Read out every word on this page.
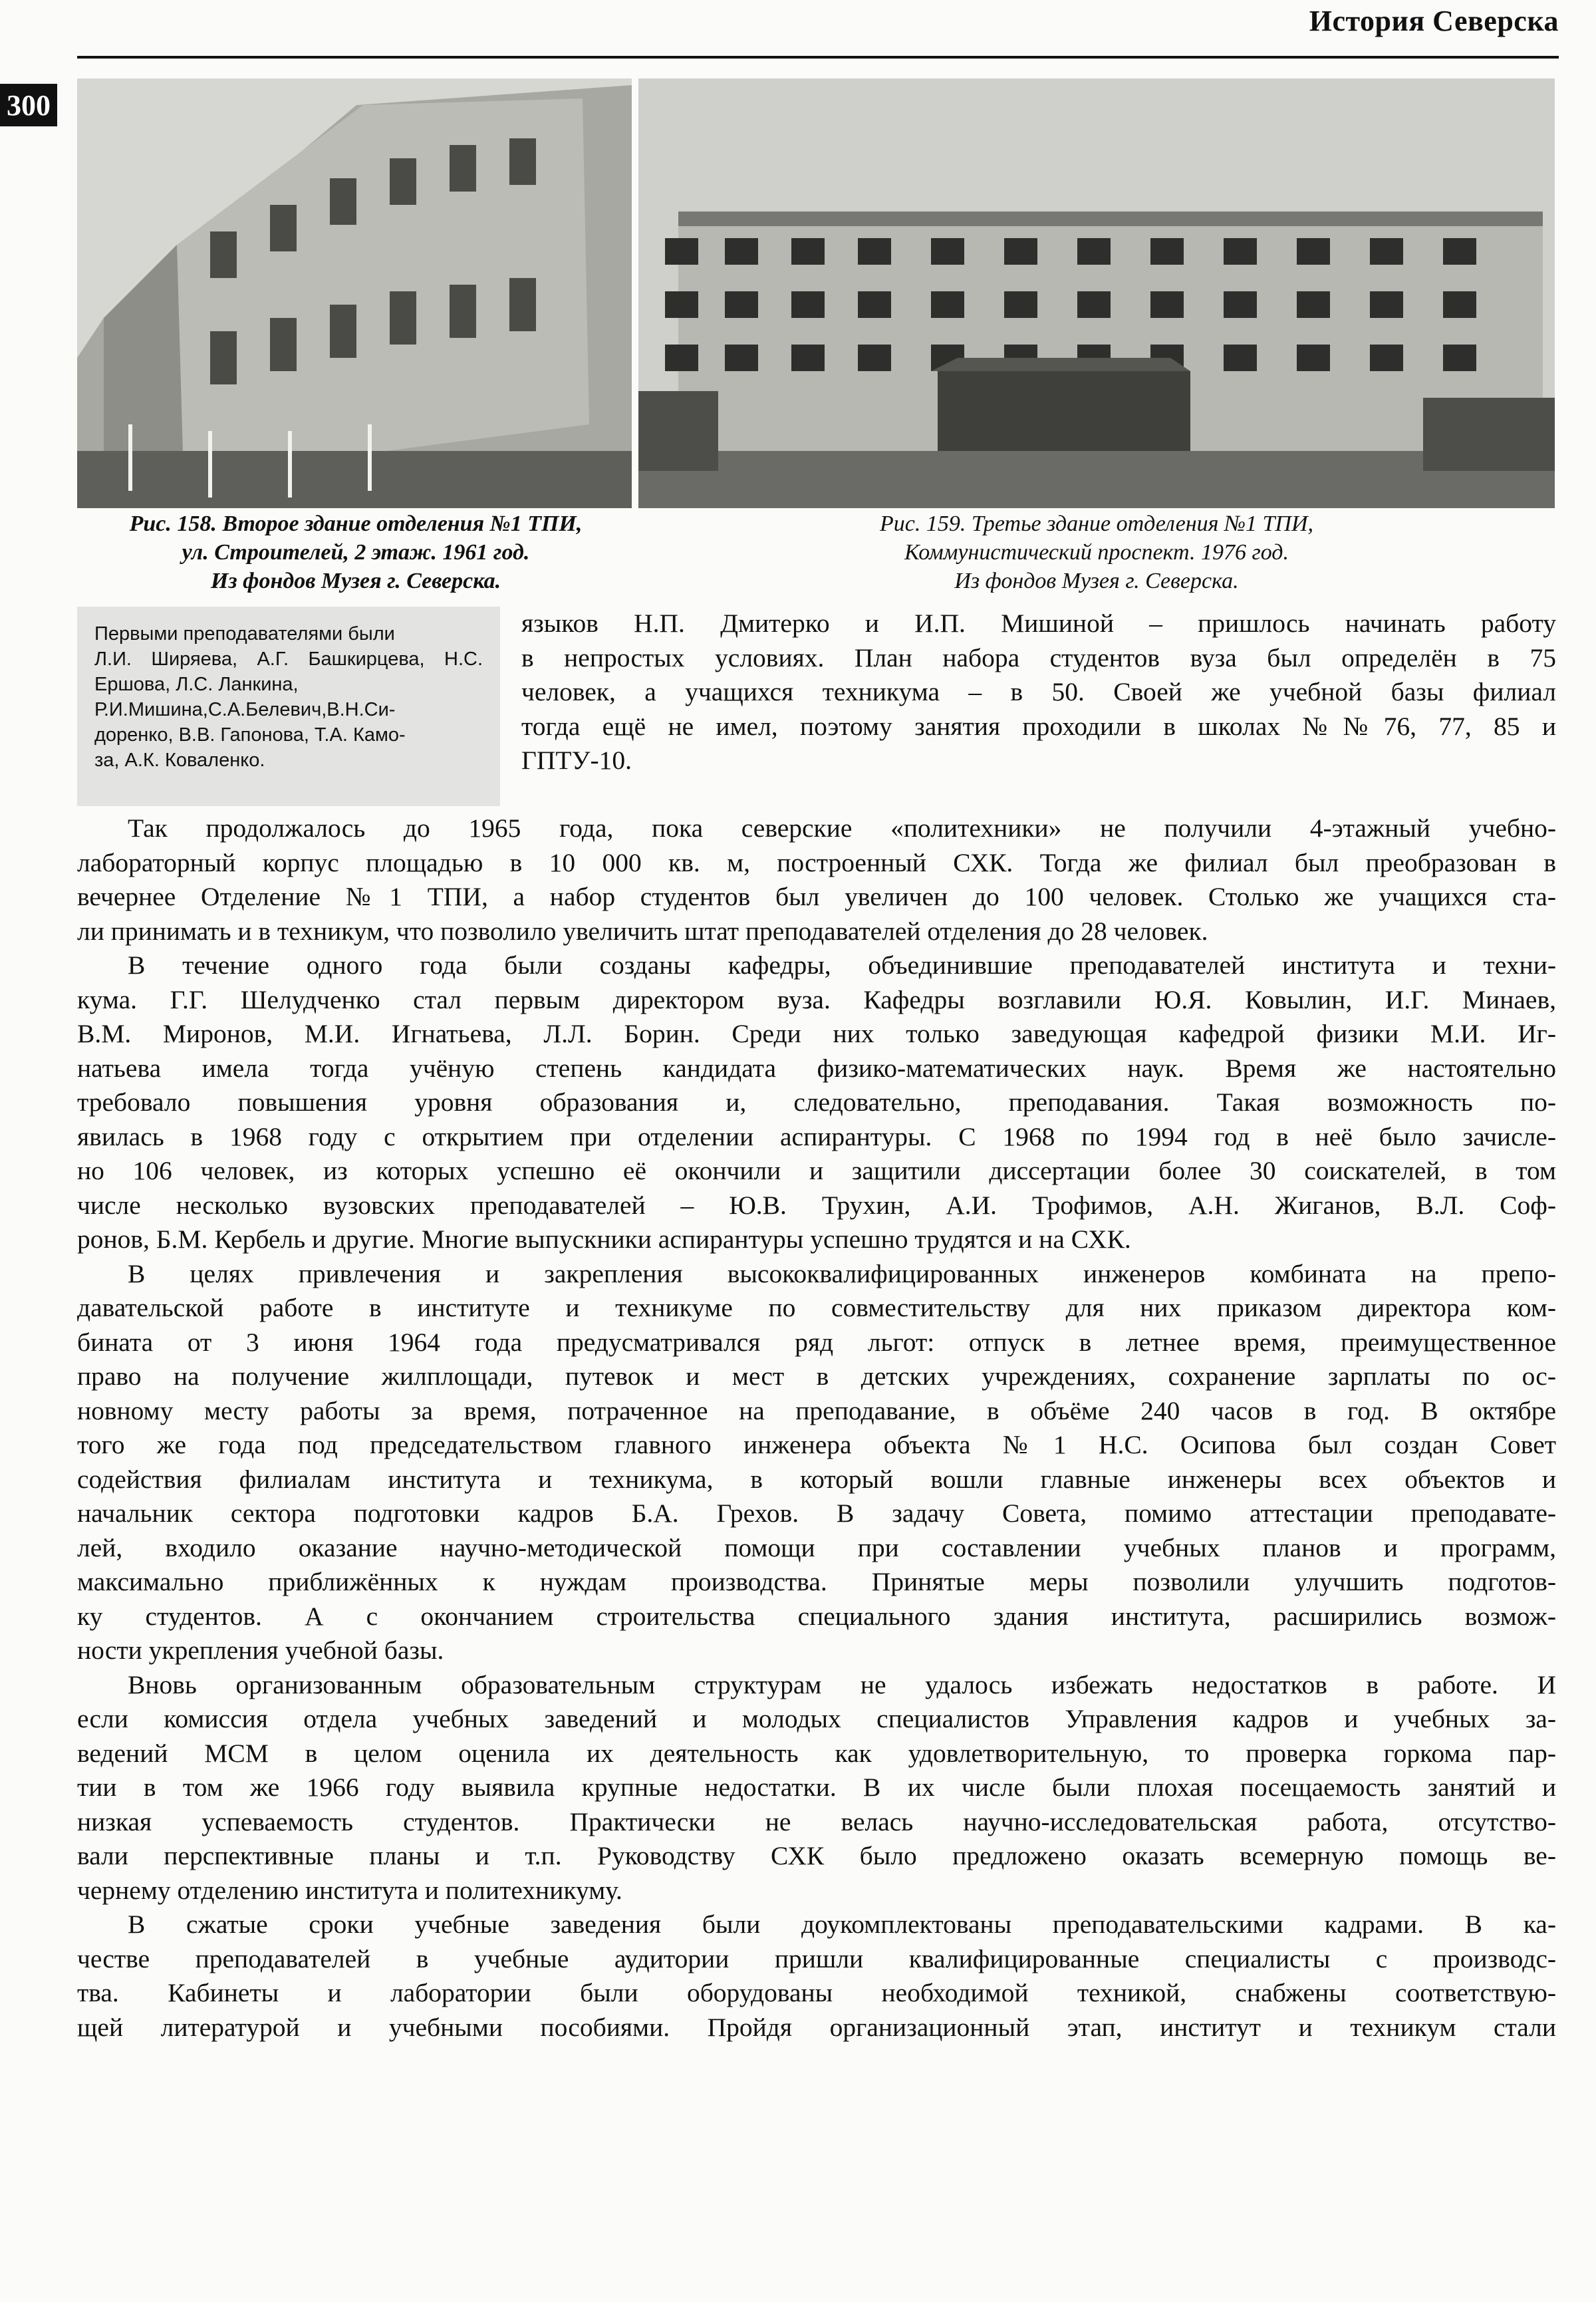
История Северска
300
Рис. 158. Второе здание отделения №1 ТПИ,
ул. Строителей, 2 этаж. 1961 год.
Из фондов Музея г. Северска.
Рис. 159. Третье здание отделения №1 ТПИ,
Коммунистический проспект. 1976 год.
Из фондов Музея г. Северска.
Первыми преподавателями были
Л.И. Ширяева, А.Г. Башкирцева, Н.С. Ершова, Л.С. Ланкина,
Р.И.Мишина,С.А.Белевич,В.Н.Си-
доренко, В.В. Гапонова, Т.А. Камо-
за, А.К. Коваленко.
языков Н.П. Дмитерко и И.П. Мишиной – пришлось начинать работу
в непростых условиях. План набора студентов вуза был определён в 75
человек, а учащихся техникума – в 50. Своей же учебной базы филиал
тогда ещё не имел, поэтому занятия проходили в школах №№76, 77, 85 и
ГПТУ-10.
Так продолжалось до 1965 года, пока северские «политехники» не получили 4-этажный учебно-
лабораторный корпус площадью в 10 000 кв. м, построенный СХК. Тогда же филиал был преобразован в
вечернее Отделение №1 ТПИ, а набор студентов был увеличен до 100 человек. Столько же учащихся ста-
ли принимать и в техникум, что позволило увеличить штат преподавателей отделения до 28 человек.
В течение одного года были созданы кафедры, объединившие преподавателей института и техни-
кума. Г.Г. Шелудченко стал первым директором вуза. Кафедры возглавили Ю.Я. Ковылин, И.Г. Минаев,
В.М. Миронов, М.И. Игнатьева, Л.Л. Борин. Среди них только заведующая кафедрой физики М.И. Иг-
натьева имела тогда учёную степень кандидата физико-математических наук. Время же настоятельно
требовало повышения уровня образования и, следовательно, преподавания. Такая возможность по-
явилась в 1968 году с открытием при отделении аспирантуры. С 1968 по 1994 год в неё было зачисле-
но 106 человек, из которых успешно её окончили и защитили диссертации более 30 соискателей, в том
числе несколько вузовских преподавателей – Ю.В. Трухин, А.И. Трофимов, А.Н. Жиганов, В.Л. Соф-
ронов, Б.М. Кербель и другие. Многие выпускники аспирантуры успешно трудятся и на СХК.
В целях привлечения и закрепления высококвалифицированных инженеров комбината на препо-
давательской работе в институте и техникуме по совместительству для них приказом директора ком-
бината от 3 июня 1964 года предусматривался ряд льгот: отпуск в летнее время, преимущественное
право на получение жилплощади, путевок и мест в детских учреждениях, сохранение зарплаты по ос-
новному месту работы за время, потраченное на преподавание, в объёме 240 часов в год. В октябре
того же года под председательством главного инженера объекта №1 Н.С. Осипова был создан Совет
содействия филиалам института и техникума, в который вошли главные инженеры всех объектов и
начальник сектора подготовки кадров Б.А. Грехов. В задачу Совета, помимо аттестации преподавате-
лей, входило оказание научно-методической помощи при составлении учебных планов и программ,
максимально приближённых к нуждам производства. Принятые меры позволили улучшить подготов-
ку студентов. А с окончанием строительства специального здания института, расширились возмож-
ности укрепления учебной базы.
Вновь организованным образовательным структурам не удалось избежать недостатков в работе. И
если комиссия отдела учебных заведений и молодых специалистов Управления кадров и учебных за-
ведений МСМ в целом оценила их деятельность как удовлетворительную, то проверка горкома пар-
тии в том же 1966 году выявила крупные недостатки. В их числе были плохая посещаемость занятий и
низкая успеваемость студентов. Практически не велась научно-исследовательская работа, отсутство-
вали перспективные планы и т.п. Руководству СХК было предложено оказать всемерную помощь ве-
чернему отделению института и политехникуму.
В сжатые сроки учебные заведения были доукомплектованы преподавательскими кадрами. В ка-
честве преподавателей в учебные аудитории пришли квалифицированные специалисты с производс-
тва. Кабинеты и лаборатории были оборудованы необходимой техникой, снабжены соответствую-
щей литературой и учебными пособиями. Пройдя организационный этап, институт и техникум стали
